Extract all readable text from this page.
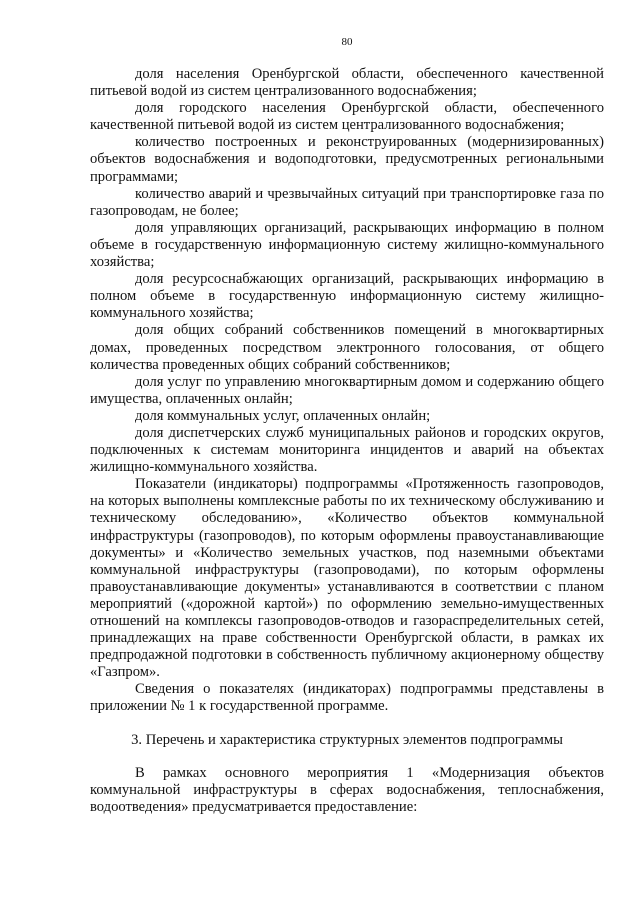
80

доля населения Оренбургской области, обеспеченного качественной питьевой водой из систем централизованного водоснабжения;

доля городского населения Оренбургской области, обеспеченного качественной питьевой водой из систем централизованного водоснабжения;

количество построенных и реконструированных (модернизированных) объектов водоснабжения и водоподготовки, предусмотренных региональными программами;

количество аварий и чрезвычайных ситуаций при транспортировке газа по газопроводам, не более;

доля управляющих организаций, раскрывающих информацию в полном объеме в государственную информационную систему жилищно-коммунального хозяйства;

доля ресурсоснабжающих организаций, раскрывающих информацию в полном объеме в государственную информационную систему жилищно-коммунального хозяйства;

доля общих собраний собственников помещений в многоквартирных домах, проведенных посредством электронного голосования, от общего количества проведенных общих собраний собственников;

доля услуг по управлению многоквартирным домом и содержанию общего имущества, оплаченных онлайн;

доля коммунальных услуг, оплаченных онлайн;

доля диспетчерских служб муниципальных районов и городских округов, подключенных к системам мониторинга инцидентов и аварий на объектах жилищно-коммунального хозяйства.

Показатели (индикаторы) подпрограммы «Протяженность газопроводов, на которых выполнены комплексные работы по их техническому обслуживанию и техническому обследованию», «Количество объектов коммунальной инфраструктуры (газопроводов), по которым оформлены правоустанавливающие документы» и «Количество земельных участков, под наземными объектами коммунальной инфраструктуры (газопроводами), по которым оформлены правоустанавливающие документы» устанавливаются в соответствии с планом мероприятий («дорожной картой») по оформлению земельно-имущественных отношений на комплексы газопроводов-отводов и газораспределительных сетей, принадлежащих на праве собственности Оренбургской области, в рамках их предпродажной подготовки в собственность публичному акционерному обществу «Газпром».

Сведения о показателях (индикаторах) подпрограммы представлены в приложении № 1 к государственной программе.

3. Перечень и характеристика структурных элементов подпрограммы

В рамках основного мероприятия 1 «Модернизация объектов коммунальной инфраструктуры в сферах водоснабжения, теплоснабжения, водоотведения» предусматривается предоставление:
